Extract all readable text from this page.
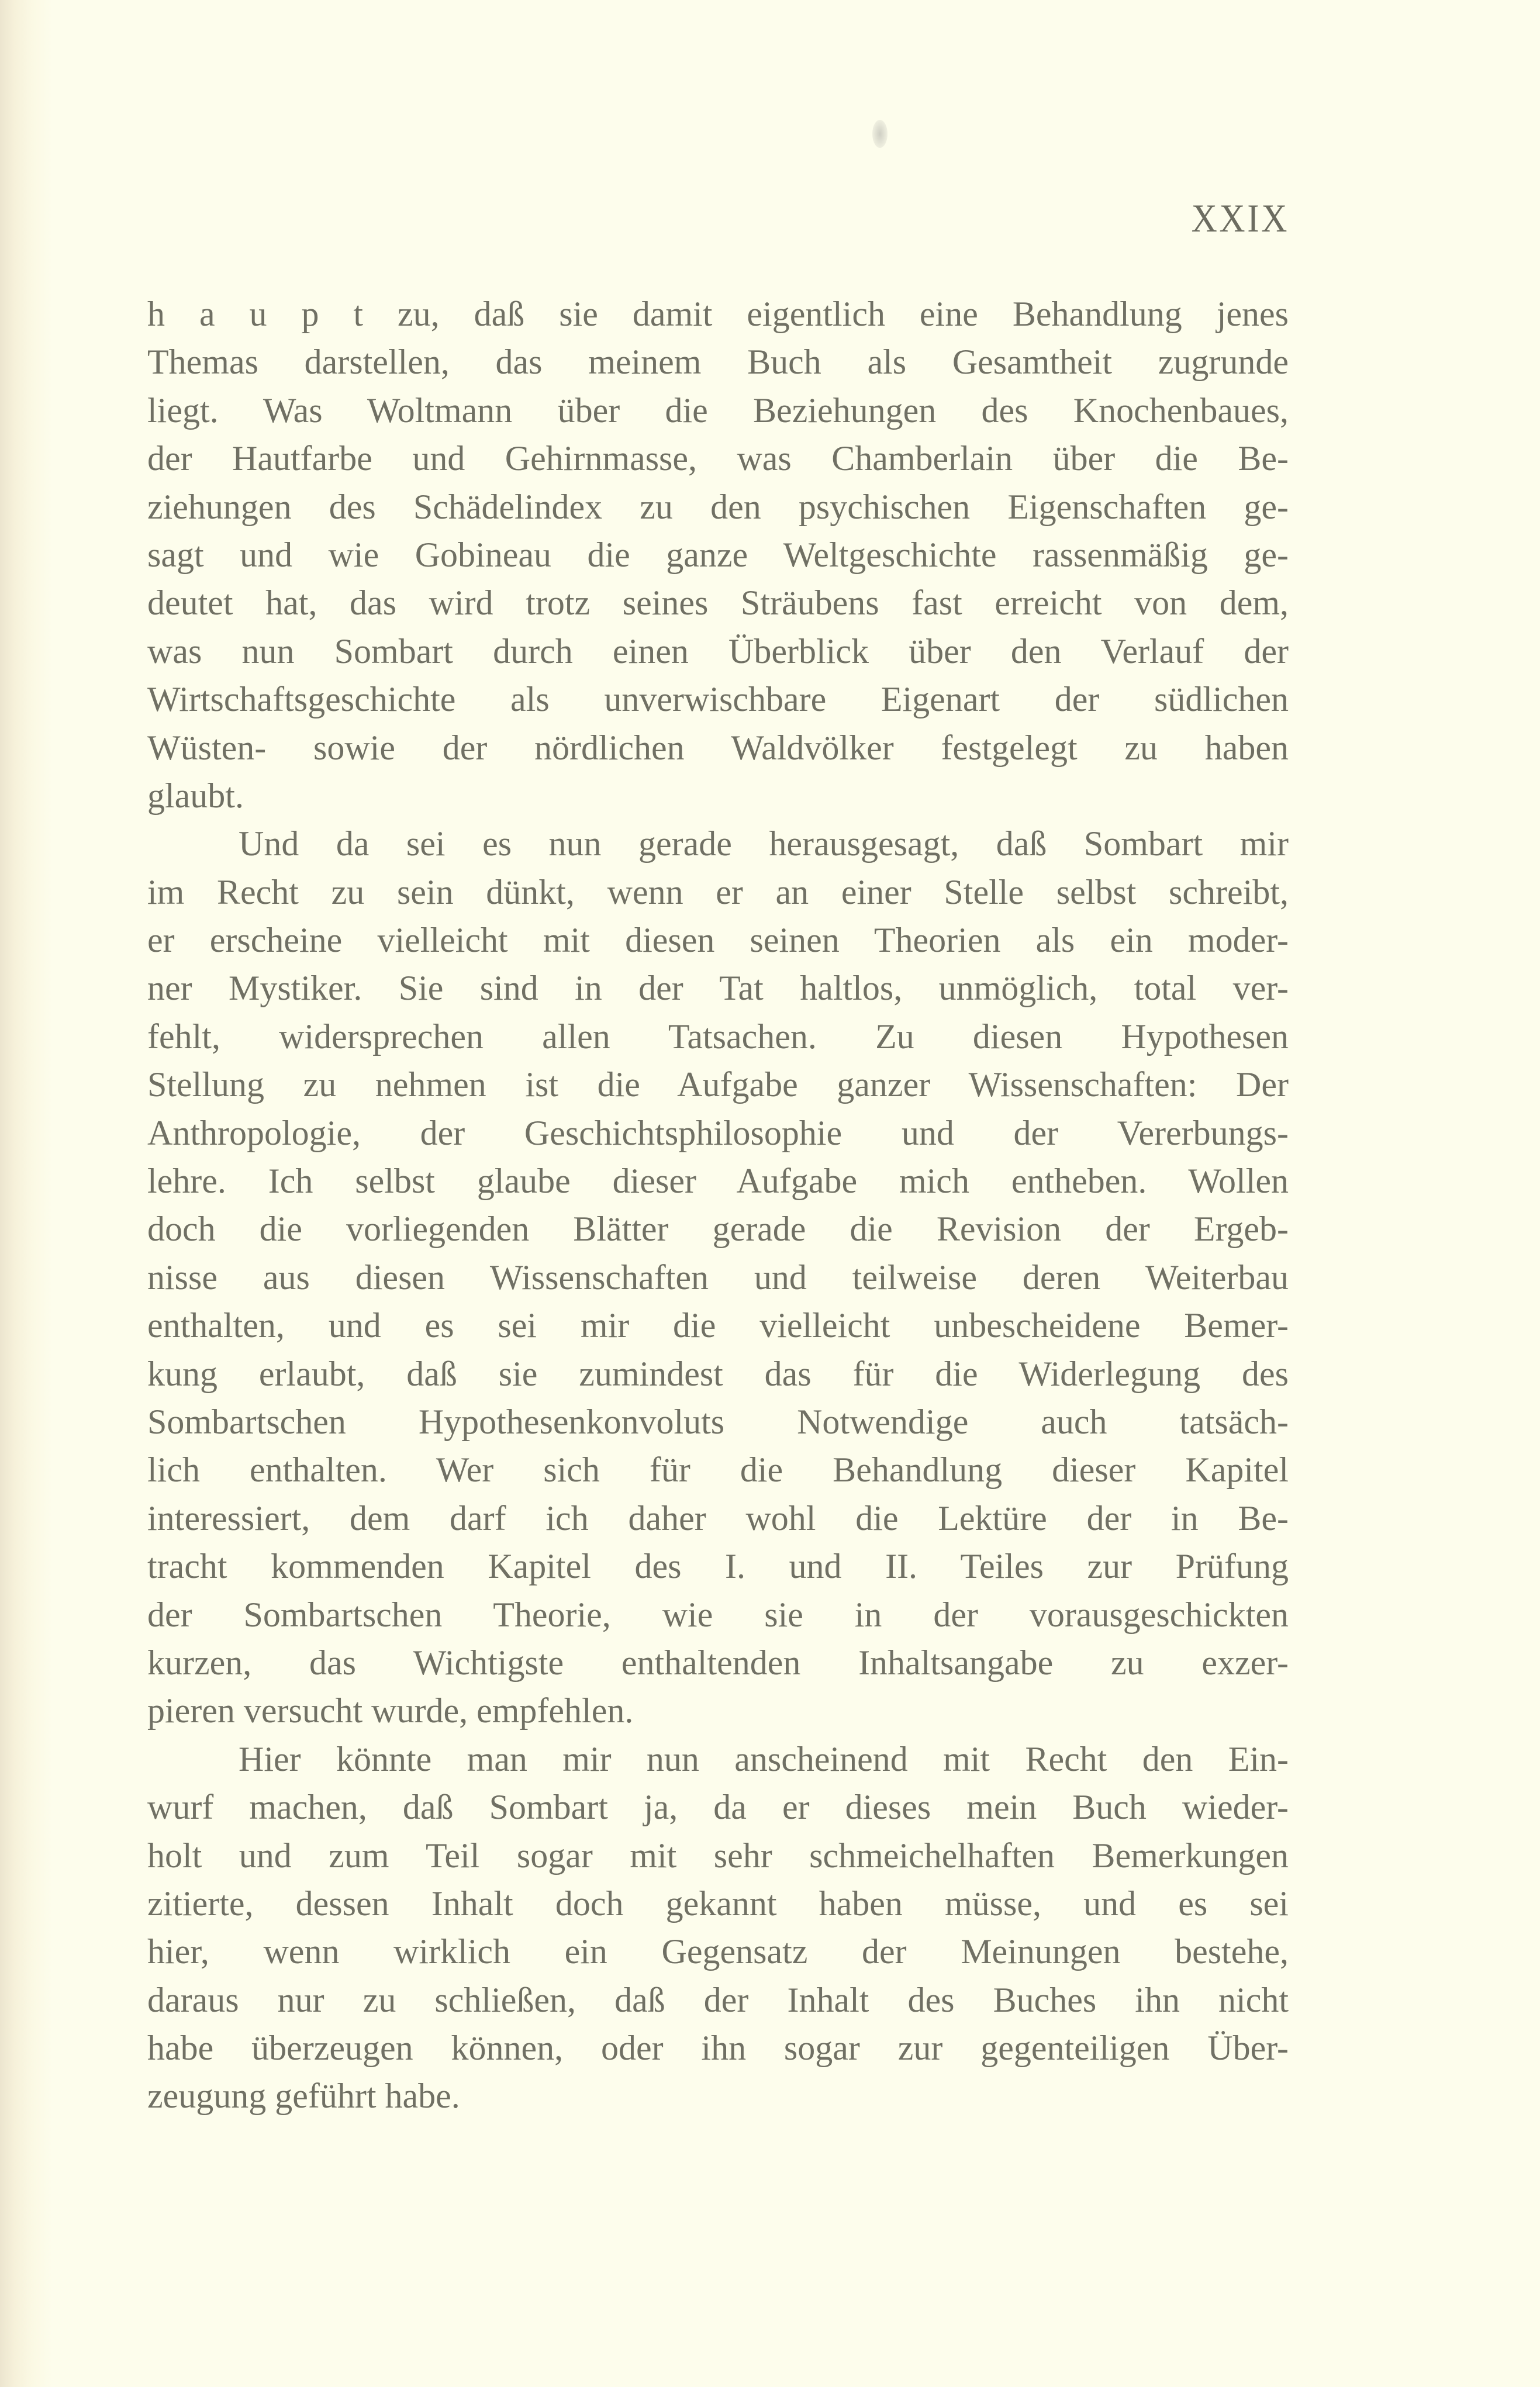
XXIX
h a u p t zu, daß sie damit eigentlich eine Behandlung jenes
Themas darstellen, das meinem Buch als Gesamtheit zugrunde
liegt. Was Woltmann über die Beziehungen des Knochenbaues,
der Hautfarbe und Gehirnmasse, was Chamberlain über die Be-
ziehungen des Schädelindex zu den psychischen Eigenschaften ge-
sagt und wie Gobineau die ganze Weltgeschichte rassenmäßig ge-
deutet hat, das wird trotz seines Sträubens fast erreicht von dem,
was nun Sombart durch einen Überblick über den Verlauf der
Wirtschaftsgeschichte als unverwischbare Eigenart der südlichen
Wüsten- sowie der nördlichen Waldvölker festgelegt zu haben
glaubt.
Und da sei es nun gerade herausgesagt, daß Sombart mir
im Recht zu sein dünkt, wenn er an einer Stelle selbst schreibt,
er erscheine vielleicht mit diesen seinen Theorien als ein moder-
ner Mystiker. Sie sind in der Tat haltlos, unmöglich, total ver-
fehlt, widersprechen allen Tatsachen. Zu diesen Hypothesen
Stellung zu nehmen ist die Aufgabe ganzer Wissenschaften: Der
Anthropologie, der Geschichtsphilosophie und der Vererbungs-
lehre. Ich selbst glaube dieser Aufgabe mich entheben. Wollen
doch die vorliegenden Blätter gerade die Revision der Ergeb-
nisse aus diesen Wissenschaften und teilweise deren Weiterbau
enthalten, und es sei mir die vielleicht unbescheidene Bemer-
kung erlaubt, daß sie zumindest das für die Widerlegung des
Sombartschen Hypothesenkonvoluts Notwendige auch tatsäch-
lich enthalten. Wer sich für die Behandlung dieser Kapitel
interessiert, dem darf ich daher wohl die Lektüre der in Be-
tracht kommenden Kapitel des I. und II. Teiles zur Prüfung
der Sombartschen Theorie, wie sie in der vorausgeschickten
kurzen, das Wichtigste enthaltenden Inhaltsangabe zu exzer-
pieren versucht wurde, empfehlen.
Hier könnte man mir nun anscheinend mit Recht den Ein-
wurf machen, daß Sombart ja, da er dieses mein Buch wieder-
holt und zum Teil sogar mit sehr schmeichelhaften Bemerkungen
zitierte, dessen Inhalt doch gekannt haben müsse, und es sei
hier, wenn wirklich ein Gegensatz der Meinungen bestehe,
daraus nur zu schließen, daß der Inhalt des Buches ihn nicht
habe überzeugen können, oder ihn sogar zur gegenteiligen Über-
zeugung geführt habe.
